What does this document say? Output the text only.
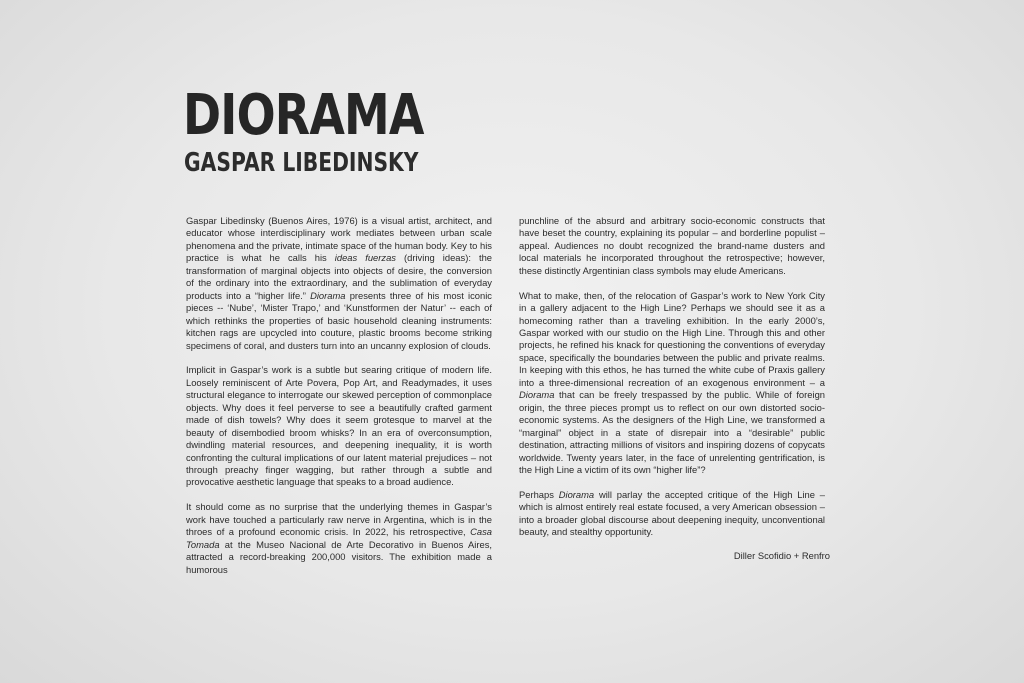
DIORAMA
GASPAR LIBEDINSKY

Gaspar Libedinsky (Buenos Aires, 1976) is a visual artist, architect, and educator whose interdisciplinary work mediates between urban scale phenomena and the private, intimate space of the human body. Key to his practice is what he calls his ideas fuerzas (driving ideas): the transformation of marginal objects into objects of desire, the conversion of the ordinary into the extraordinary, and the sublimation of everyday products into a “higher life.” Diorama presents three of his most iconic pieces -- ‘Nube’, ‘Mister Trapo,’ and ‘Kunstformen der Natur’ -- each of which rethinks the properties of basic household cleaning instruments: kitchen rags are upcycled into couture, plastic brooms become striking specimens of coral, and dusters turn into an uncanny explosion of clouds.

Implicit in Gaspar’s work is a subtle but searing critique of modern life. Loosely reminiscent of Arte Povera, Pop Art, and Readymades, it uses structural elegance to interrogate our skewed perception of commonplace objects. Why does it feel perverse to see a beautifully crafted garment made of dish towels? Why does it seem grotesque to marvel at the beauty of disembodied broom whisks? In an era of overconsumption, dwindling material resources, and deepening inequality, it is worth confronting the cultural implications of our latent material prejudices – not through preachy finger wagging, but rather through a subtle and provocative aesthetic language that speaks to a broad audience.

It should come as no surprise that the underlying themes in Gaspar’s work have touched a particularly raw nerve in Argentina, which is in the throes of a profound economic crisis. In 2022, his retrospective, Casa Tomada at the Museo Nacional de Arte Decorativo in Buenos Aires, attracted a record-breaking 200,000 visitors. The exhibition made a humorous

punchline of the absurd and arbitrary socio-economic constructs that have beset the country, explaining its popular – and borderline populist – appeal. Audiences no doubt recognized the brand-name dusters and local materials he incorporated throughout the retrospective; however, these distinctly Argentinian class symbols may elude Americans.

What to make, then, of the relocation of Gaspar’s work to New York City in a gallery adjacent to the High Line? Perhaps we should see it as a homecoming rather than a traveling exhibition. In the early 2000’s, Gaspar worked with our studio on the High Line. Through this and other projects, he refined his knack for questioning the conventions of everyday space, specifically the boundaries between the public and private realms. In keeping with this ethos, he has turned the white cube of Praxis gallery into a three-dimensional recreation of an exogenous environment – a Diorama that can be freely trespassed by the public. While of foreign origin, the three pieces prompt us to reflect on our own distorted socio-economic systems. As the designers of the High Line, we transformed a “marginal” object in a state of disrepair into a “desirable” public destination, attracting millions of visitors and inspiring dozens of copycats worldwide. Twenty years later, in the face of unrelenting gentrification, is the High Line a victim of its own “higher life”?

Perhaps Diorama will parlay the accepted critique of the High Line – which is almost entirely real estate focused, a very American obsession – into a broader global discourse about deepening inequity, unconventional beauty, and stealthy opportunity.

Diller Scofidio + Renfro
